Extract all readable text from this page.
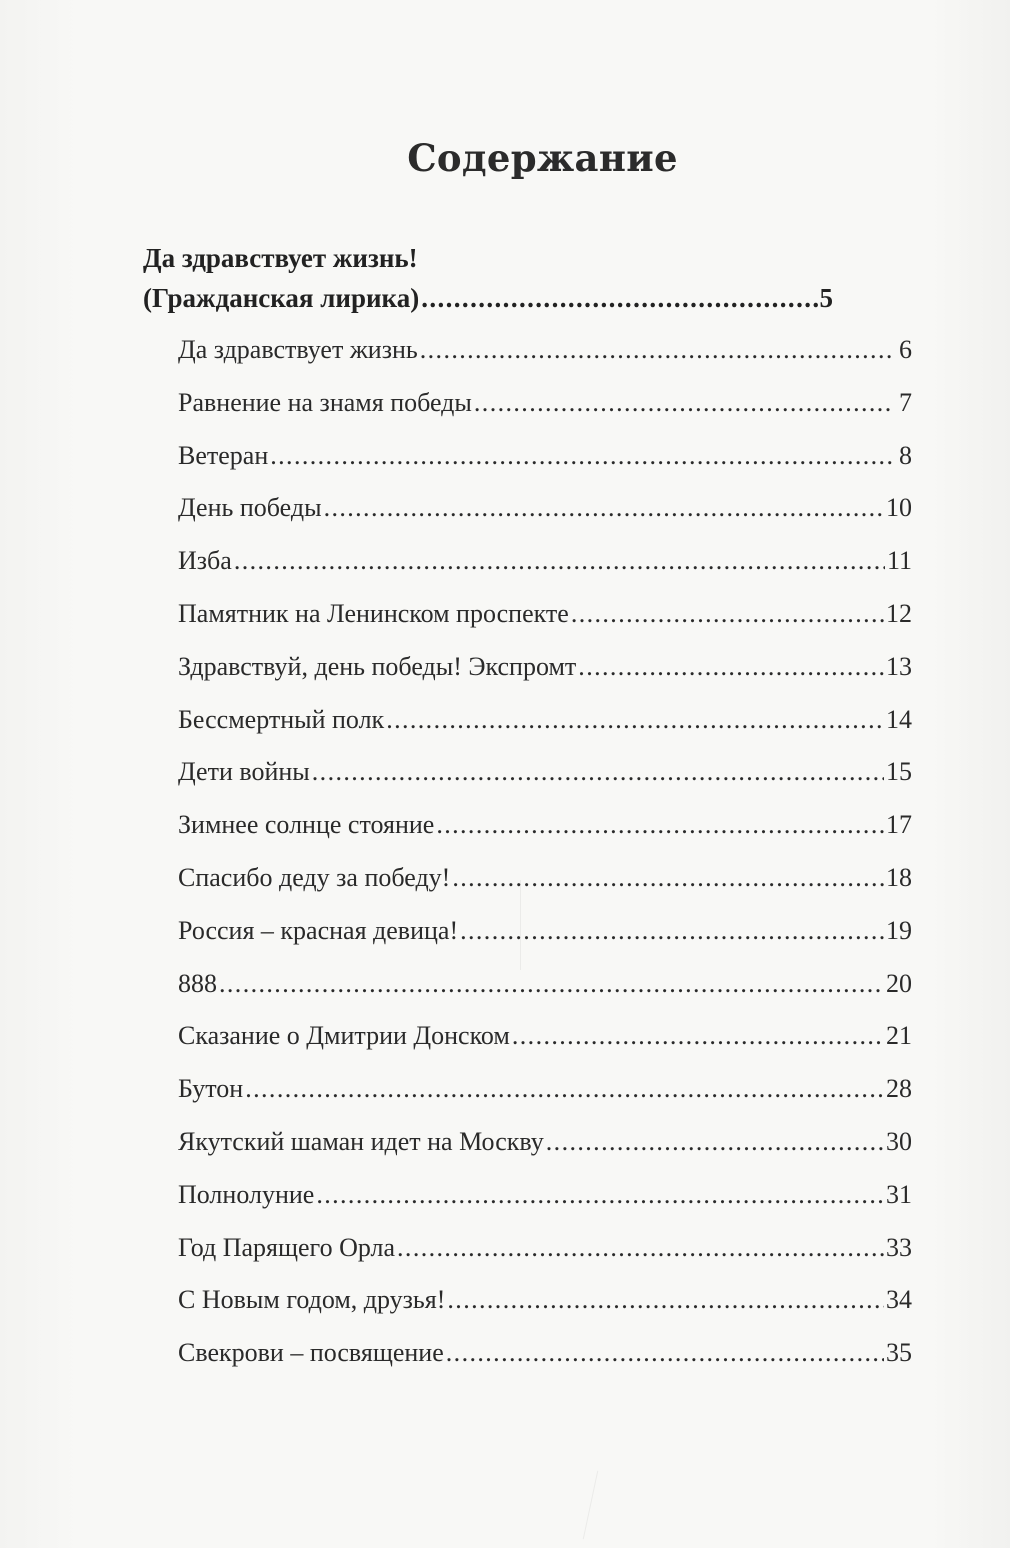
Содержание
Да здравствует жизнь!
(Гражданская лирика) .....	5
Да здравствует жизнь .....	6
Равнение на знамя победы .....	7
Ветеран .....	8
День победы .....	10
Изба .....	11
Памятник на Ленинском проспекте .....	12
Здравствуй, день победы! Экспромт .....	13
Бессмертный полк .....	14
Дети войны .....	15
Зимнее солнце стояние .....	17
Спасибо деду за победу! .....	18
Россия – красная девица! .....	19
888 .....	20
Сказание о Дмитрии Донском .....	21
Бутон .....	28
Якутский шаман идет на Москву .....	30
Полнолуние .....	31
Год Парящего Орла .....	33
С Новым годом, друзья! .....	34
Свекрови – посвящение .....	35
